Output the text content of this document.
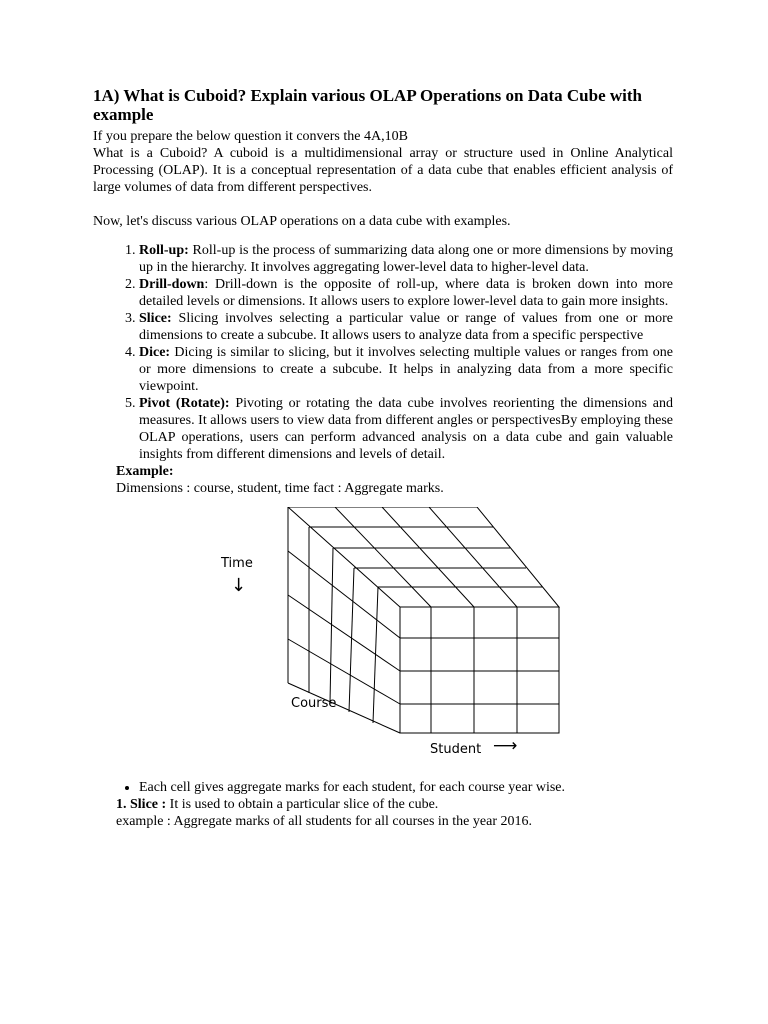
1A) What is Cuboid? Explain various OLAP Operations on Data Cube with example

If you prepare the below question it convers the 4A,10B

What is a Cuboid? A cuboid is a multidimensional array or structure used in Online Analytical Processing (OLAP). It is a conceptual representation of a data cube that enables efficient analysis of large volumes of data from different perspectives.

Now, let's discuss various OLAP operations on a data cube with examples.

1. Roll-up: Roll-up is the process of summarizing data along one or more dimensions by moving up in the hierarchy. It involves aggregating lower-level data to higher-level data.
2. Drill-down: Drill-down is the opposite of roll-up, where data is broken down into more detailed levels or dimensions. It allows users to explore lower-level data to gain more insights.
3. Slice: Slicing involves selecting a particular value or range of values from one or more dimensions to create a subcube. It allows users to analyze data from a specific perspective
4. Dice: Dicing is similar to slicing, but it involves selecting multiple values or ranges from one or more dimensions to create a subcube. It helps in analyzing data from a more specific viewpoint.
5. Pivot (Rotate): Pivoting or rotating the data cube involves reorienting the dimensions and measures. It allows users to view data from different angles or perspectivesBy employing these OLAP operations, users can perform advanced analysis on a data cube and gain valuable insights from different dimensions and levels of detail.

Example:

Dimensions : course, student, time fact : Aggregate marks.

Time
↓
Course
Student ⟶
• Each cell gives aggregate marks for each student, for each course year wise.

1. Slice : It is used to obtain a particular slice of the cube.

example : Aggregate marks of all students for all courses in the year 2016.
